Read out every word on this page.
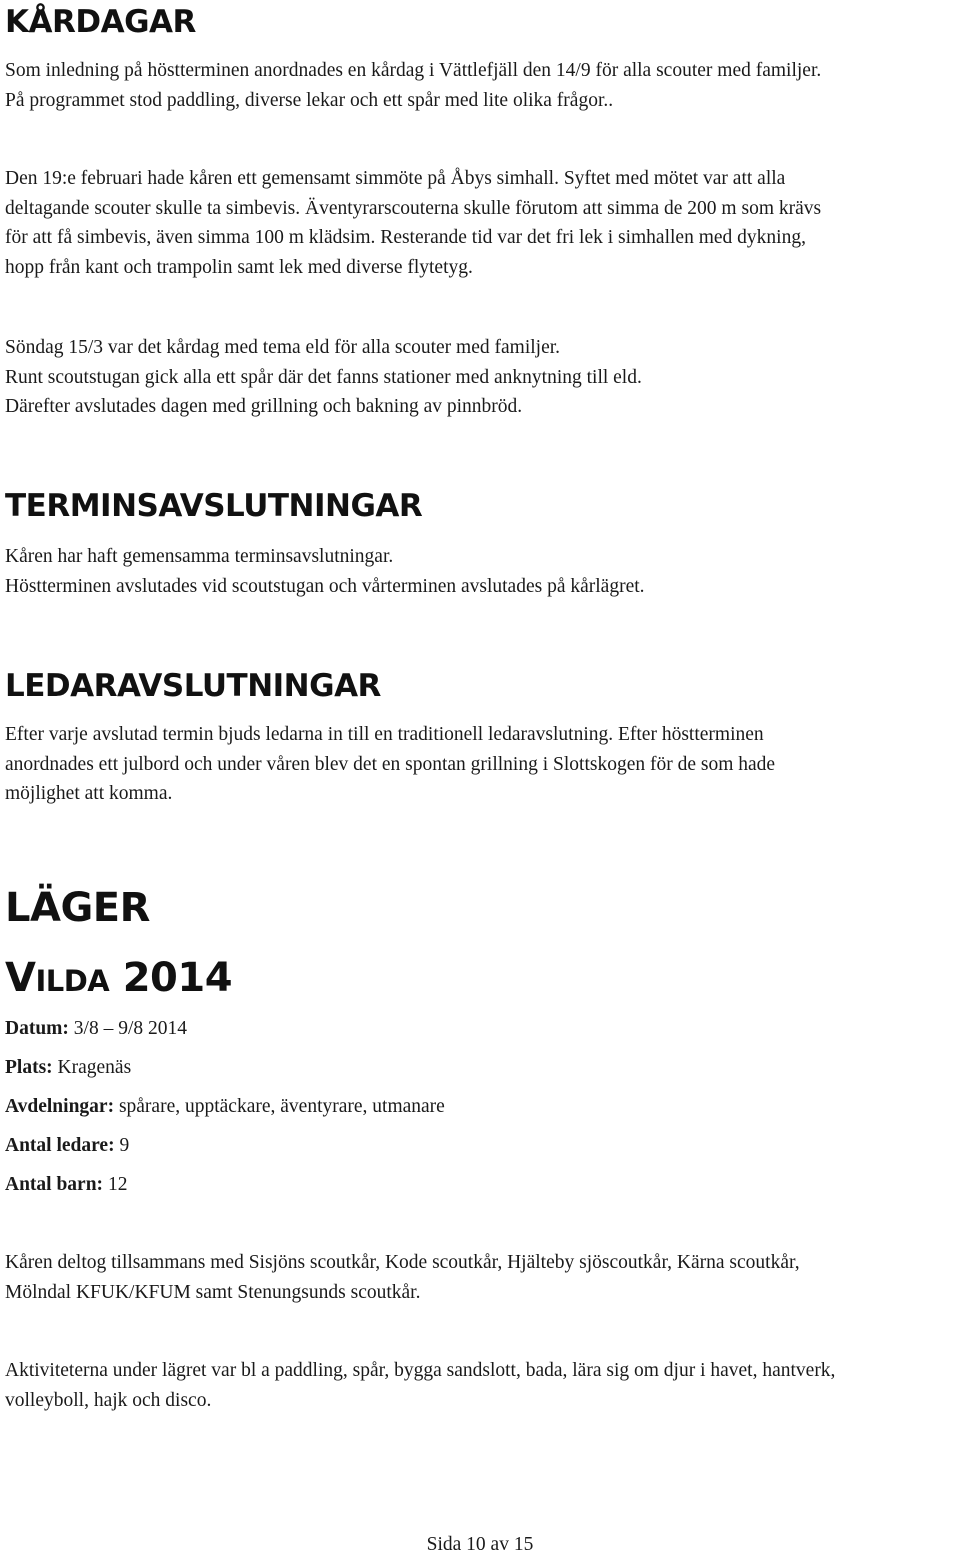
KÅRDAGAR

Som inledning på höstterminen anordnades en kårdag i Vättlefjäll den 14/9 för alla scouter med familjer.
På programmet stod paddling, diverse lekar och ett spår med lite olika frågor..

Den 19:e februari hade kåren ett gemensamt simmöte på Åbys simhall. Syftet med mötet var att alla
deltagande scouter skulle ta simbevis. Äventyrarscouterna skulle förutom att simma de 200 m som krävs
för att få simbevis, även simma 100 m klädsim. Resterande tid var det fri lek i simhallen med dykning,
hopp från kant och trampolin samt lek med diverse flytetyg.

Söndag 15/3 var det kårdag med tema eld för alla scouter med familjer.
Runt scoutstugan gick alla ett spår där det fanns stationer med anknytning till eld.
Därefter avslutades dagen med grillning och bakning av pinnbröd.

TERMINSAVSLUTNINGAR

Kåren har haft gemensamma terminsavslutningar.
Höstterminen avslutades vid scoutstugan och vårterminen avslutades på kårlägret.

LEDARAVSLUTNINGAR

Efter varje avslutad termin bjuds ledarna in till en traditionell ledaravslutning. Efter höstterminen
anordnades ett julbord och under våren blev det en spontan grillning i Slottskogen för de som hade
möjlighet att komma.

LÄGER
VILDA 2014
Datum: 3/8 – 9/8 2014
Plats: Kragenäs
Avdelningar: spårare, upptäckare, äventyrare, utmanare
Antal ledare: 9
Antal barn: 12

Kåren deltog tillsammans med Sisjöns scoutkår, Kode scoutkår, Hjälteby sjöscoutkår, Kärna scoutkår,
Mölndal KFUK/KFUM samt Stenungsunds scoutkår.

Aktiviteterna under lägret var bl a paddling, spår, bygga sandslott, bada, lära sig om djur i havet, hantverk,
volleyboll, hajk och disco.

Sida 10 av 15
